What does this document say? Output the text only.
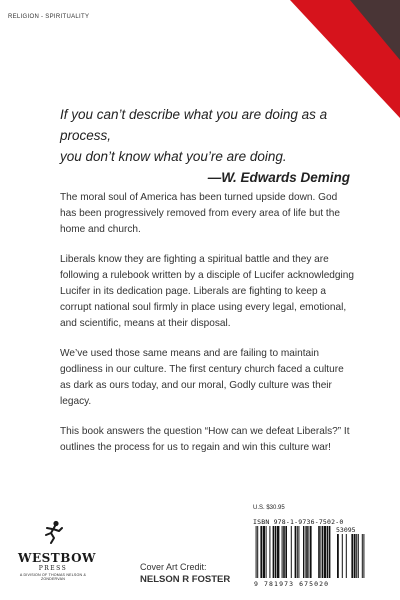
RELIGION - SPIRITUALITY
If you can’t describe what you are doing as a process,
you don’t know what you’re are doing.
—W. Edwards Deming

The moral soul of America has been turned upside down. God has been progressively removed from every area of life but the home and church.

Liberals know they are fighting a spiritual battle and they are following a rulebook written by a disciple of Lucifer acknowledging Lucifer in its dedication page. Liberals are fighting to keep a corrupt national soul firmly in place using every legal, emotional, and scientific, means at their disposal.

We’ve used those same means and are failing to maintain godliness in our culture. The first century church faced a culture as dark as ours today, and our moral, Godly culture was their legacy.

This book answers the question “How can we defeat Liberals?” It outlines the process for us to regain and win this culture war!

WESTBOW
PRESS
A DIVISION OF THOMAS NELSON & ZONDERVAN
Cover Art Credit:
NELSON R FOSTER
U.S. $30.95
ISBN 978-1-9736-7502-0
53095
9 781973 675020
